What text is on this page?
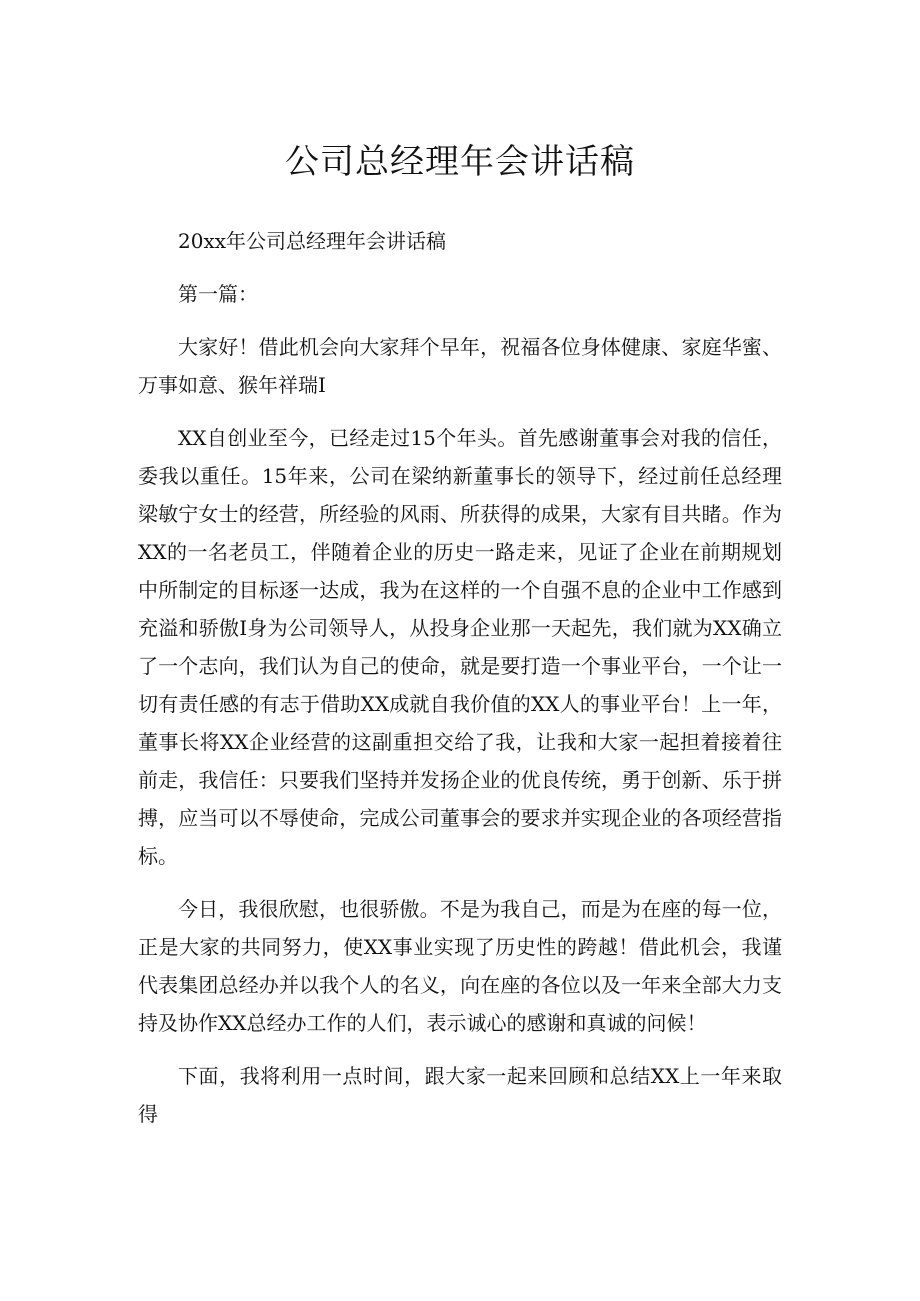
公司总经理年会讲话稿

20xx年公司总经理年会讲话稿

第一篇：

大家好！借此机会向大家拜个早年，祝福各位身体健康、家庭华蜜、万事如意、猴年祥瑞I

XX自创业至今，已经走过15个年头。首先感谢董事会对我的信任，委我以重任。15年来，公司在梁纳新董事长的领导下，经过前任总经理梁敏宁女士的经营，所经验的风雨、所获得的成果，大家有目共睹。作为XX的一名老员工，伴随着企业的历史一路走来，见证了企业在前期规划中所制定的目标逐一达成，我为在这样的一个自强不息的企业中工作感到充溢和骄傲I身为公司领导人，从投身企业那一天起先，我们就为XX确立了一个志向，我们认为自己的使命，就是要打造一个事业平台，一个让一切有责任感的有志于借助XX成就自我价值的XX人的事业平台！上一年，董事长将XX企业经营的这副重担交给了我，让我和大家一起担着接着往前走，我信任：只要我们坚持并发扬企业的优良传统，勇于创新、乐于拼搏，应当可以不辱使命，完成公司董事会的要求并实现企业的各项经营指标。

今日，我很欣慰，也很骄傲。不是为我自己，而是为在座的每一位，正是大家的共同努力，使XX事业实现了历史性的跨越！借此机会，我谨代表集团总经办并以我个人的名义，向在座的各位以及一年来全部大力支持及协作XX总经办工作的人们，表示诚心的感谢和真诚的问候！

下面，我将利用一点时间，跟大家一起来回顾和总结XX上一年来取得
